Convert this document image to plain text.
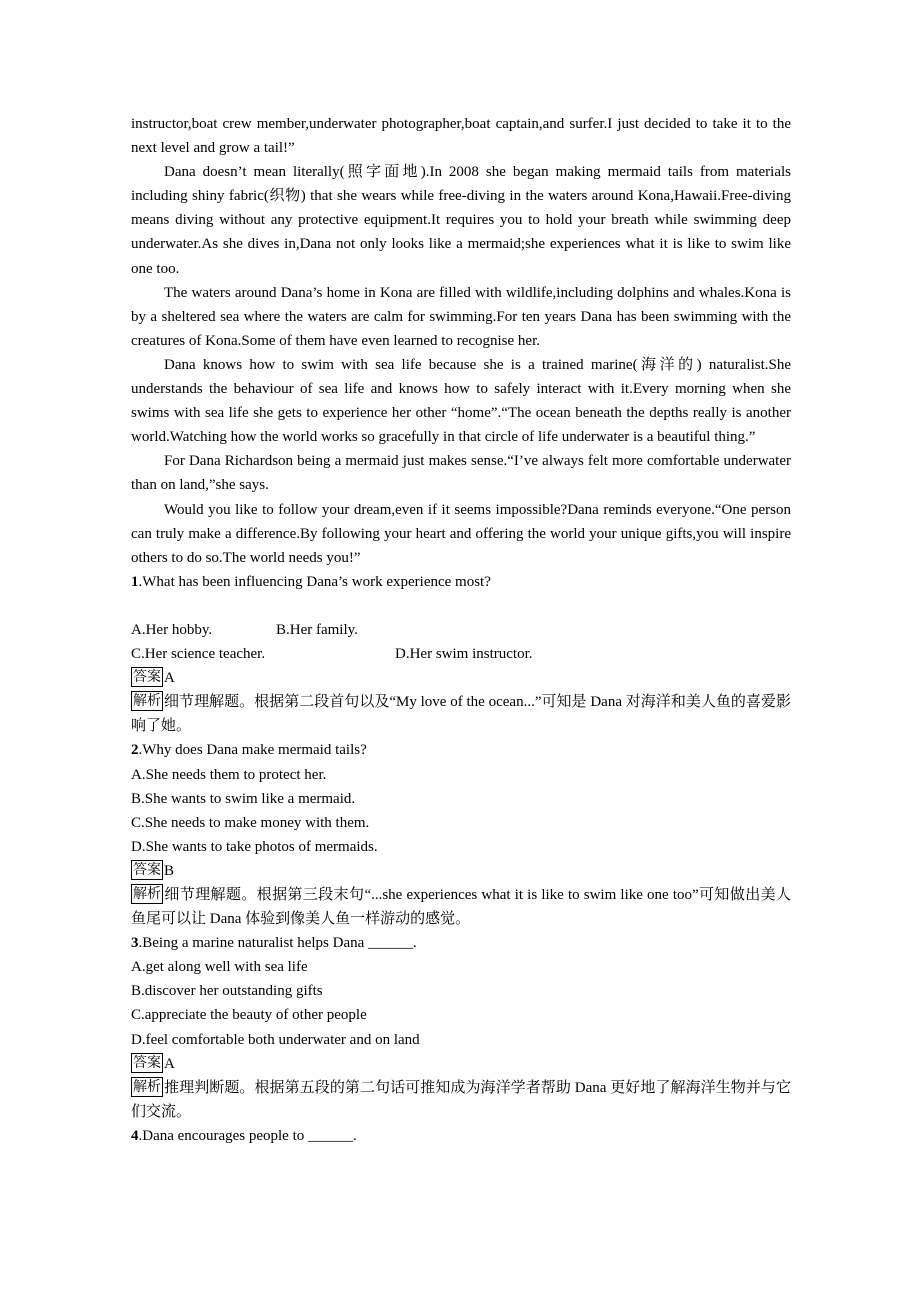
instructor,boat crew member,underwater photographer,boat captain,and surfer.I just decided to take it to the next level and grow a tail!”

Dana doesn’t mean literally(照字面地).In 2008 she began making mermaid tails from materials including shiny fabric(织物) that she wears while free-diving in the waters around Kona,Hawaii.Free-diving means diving without any protective equipment.It requires you to hold your breath while swimming deep underwater.As she dives in,Dana not only looks like a mermaid;she experiences what it is like to swim like one too.

The waters around Dana’s home in Kona are filled with wildlife,including dolphins and whales.Kona is by a sheltered sea where the waters are calm for swimming.For ten years Dana has been swimming with the creatures of Kona.Some of them have even learned to recognise her.

Dana knows how to swim with sea life because she is a trained marine(海洋的) naturalist.She understands the behaviour of sea life and knows how to safely interact with it.Every morning when she swims with sea life she gets to experience her other “home”.“The ocean beneath the depths really is another world.Watching how the world works so gracefully in that circle of life underwater is a beautiful thing.”

For Dana Richardson being a mermaid just makes sense.“I’ve always felt more comfortable underwater than on land,”she says.

Would you like to follow your dream,even if it seems impossible?Dana reminds everyone.“One person can truly make a difference.By following your heart and offering the world your unique gifts,you will inspire others to do so.The world needs you!”

1.What has been influencing Dana’s work experience most?

A.Her hobby.	B.Her family.
C.Her science teacher.	D.Her swim instructor.

答案 A

解析 细节理解题。根据第二段首句以及“My love of the ocean...”可知是 Dana 对海洋和美人鱼的喜爱影响了她。

2.Why does Dana make mermaid tails?

A.She needs them to protect her.

B.She wants to swim like a mermaid.

C.She needs to make money with them.

D.She wants to take photos of mermaids.

答案 B

解析 细节理解题。根据第三段末句“...she experiences what it is like to swim like one too”可知做出美人鱼尾可以让 Dana 体验到像美人鱼一样游动的感觉。

3.Being a marine naturalist helps Dana ______.

A.get along well with sea life

B.discover her outstanding gifts

C.appreciate the beauty of other people

D.feel comfortable both underwater and on land

答案 A

解析 推理判断题。根据第五段的第二句话可推知成为海洋学者帮助 Dana 更好地了解海洋生物并与它们交流。

4.Dana encourages people to ______.
